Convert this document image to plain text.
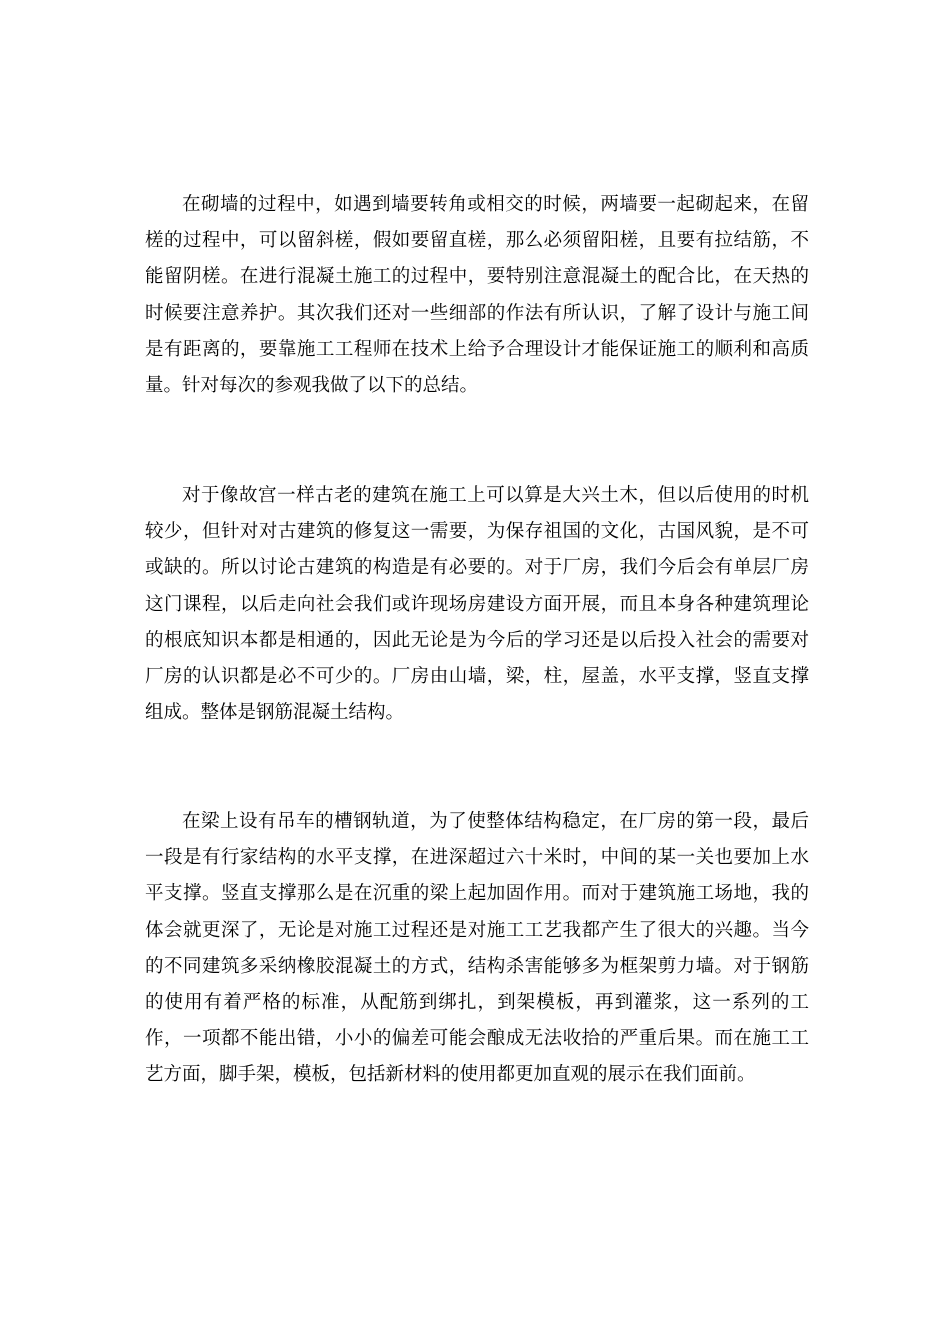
在砌墙的过程中，如遇到墙要转角或相交的时候，两墙要一起砌起来，在留槎的过程中，可以留斜槎，假如要留直槎，那么必须留阳槎，且要有拉结筋，不能留阴槎。在进行混凝土施工的过程中，要特别注意混凝土的配合比，在天热的时候要注意养护。其次我们还对一些细部的作法有所认识，了解了设计与施工间是有距离的，要靠施工工程师在技术上给予合理设计才能保证施工的顺利和高质量。针对每次的参观我做了以下的总结。

对于像故宫一样古老的建筑在施工上可以算是大兴土木，但以后使用的时机较少，但针对对古建筑的修复这一需要，为保存祖国的文化，古国风貌，是不可或缺的。所以讨论古建筑的构造是有必要的。对于厂房，我们今后会有单层厂房这门课程，以后走向社会我们或许现场房建设方面开展，而且本身各种建筑理论的根底知识本都是相通的，因此无论是为今后的学习还是以后投入社会的需要对厂房的认识都是必不可少的。厂房由山墙，梁，柱，屋盖，水平支撑，竖直支撑组成。整体是钢筋混凝土结构。

在梁上设有吊车的槽钢轨道，为了使整体结构稳定，在厂房的第一段，最后一段是有行家结构的水平支撑，在进深超过六十米时，中间的某一关也要加上水平支撑。竖直支撑那么是在沉重的梁上起加固作用。而对于建筑施工场地，我的体会就更深了，无论是对施工过程还是对施工工艺我都产生了很大的兴趣。当今的不同建筑多采纳橡胶混凝土的方式，结构杀害能够多为框架剪力墙。对于钢筋的使用有着严格的标准，从配筋到绑扎，到架模板，再到灌浆，这一系列的工作，一项都不能出错，小小的偏差可能会酿成无法收拾的严重后果。而在施工工艺方面，脚手架，模板，包括新材料的使用都更加直观的展示在我们面前。
